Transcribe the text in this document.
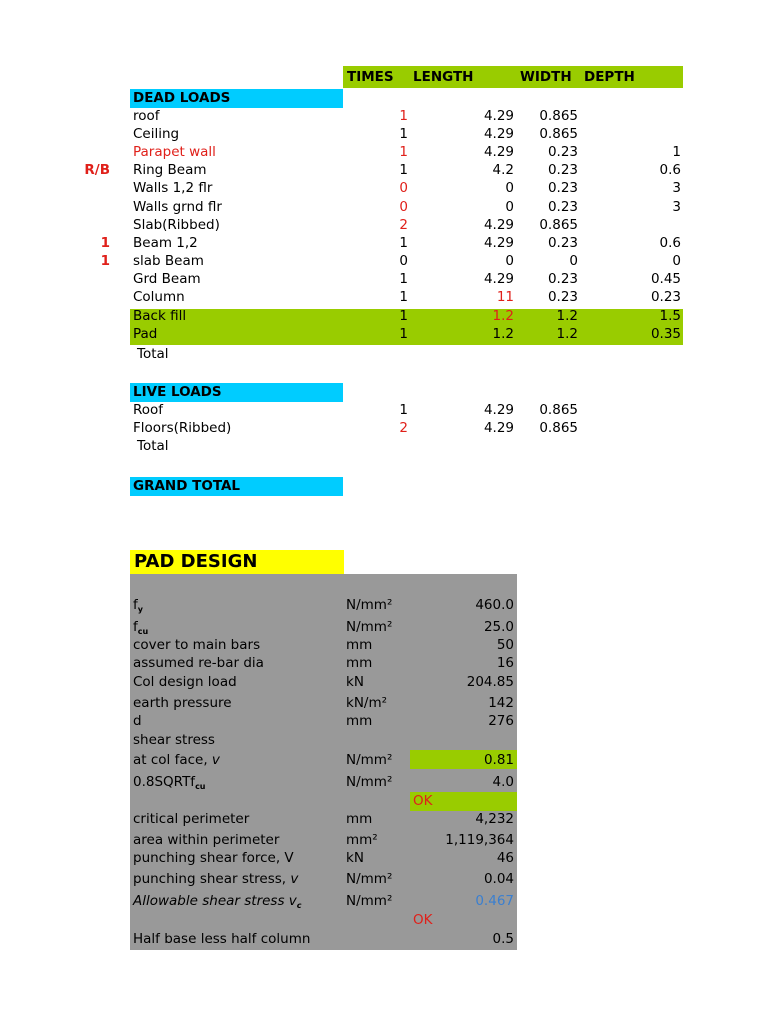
TIMES LENGTH	WIDTH DEPTH
DEAD LOADS
roof	1	4.29	0.865
Ceiling	1	4.29	0.865
Parapet wall	1	4.29	0.23	1
R/B Ring Beam	1	4.2	0.23	0.6
Walls 1,2 flr	0	0	0.23	3
Walls grnd flr	0	0	0.23	3
Slab(Ribbed)	2	4.29	0.865
1 Beam 1,2	1	4.29	0.23	0.6
1 slab Beam	0	0	0	0
Grd Beam	1	4.29	0.23	0.45
Column	1	11	0.23	0.23
Back fill	1	1.2	1.2	1.5
Pad	1	1.2	1.2	0.35
Total
LIVE LOADS
Roof	1	4.29	0.865
Floors(Ribbed)	2	4.29	0.865
Total
GRAND TOTAL
PAD DESIGN
$f_y$	N/mm²	460.0
$f_{cu}$	N/mm²	25.0
cover to main bars	mm	50
assumed re-bar dia	mm	16
Col design load	kN	204.85
earth pressure	kN/m²	142
d	mm	276
shear stress
at col face, v	N/mm²	0.81
0.8SQRTf$_{cu}$	N/mm²	4.0
OK
critical perimeter	mm	4,232
area within perimeter	mm²	1,119,364
punching shear force, V	kN	46
punching shear stress, v	N/mm²	0.04
Allowable shear stress $v_c$	N/mm²	0.467
OK
Half base less half column	0.5
